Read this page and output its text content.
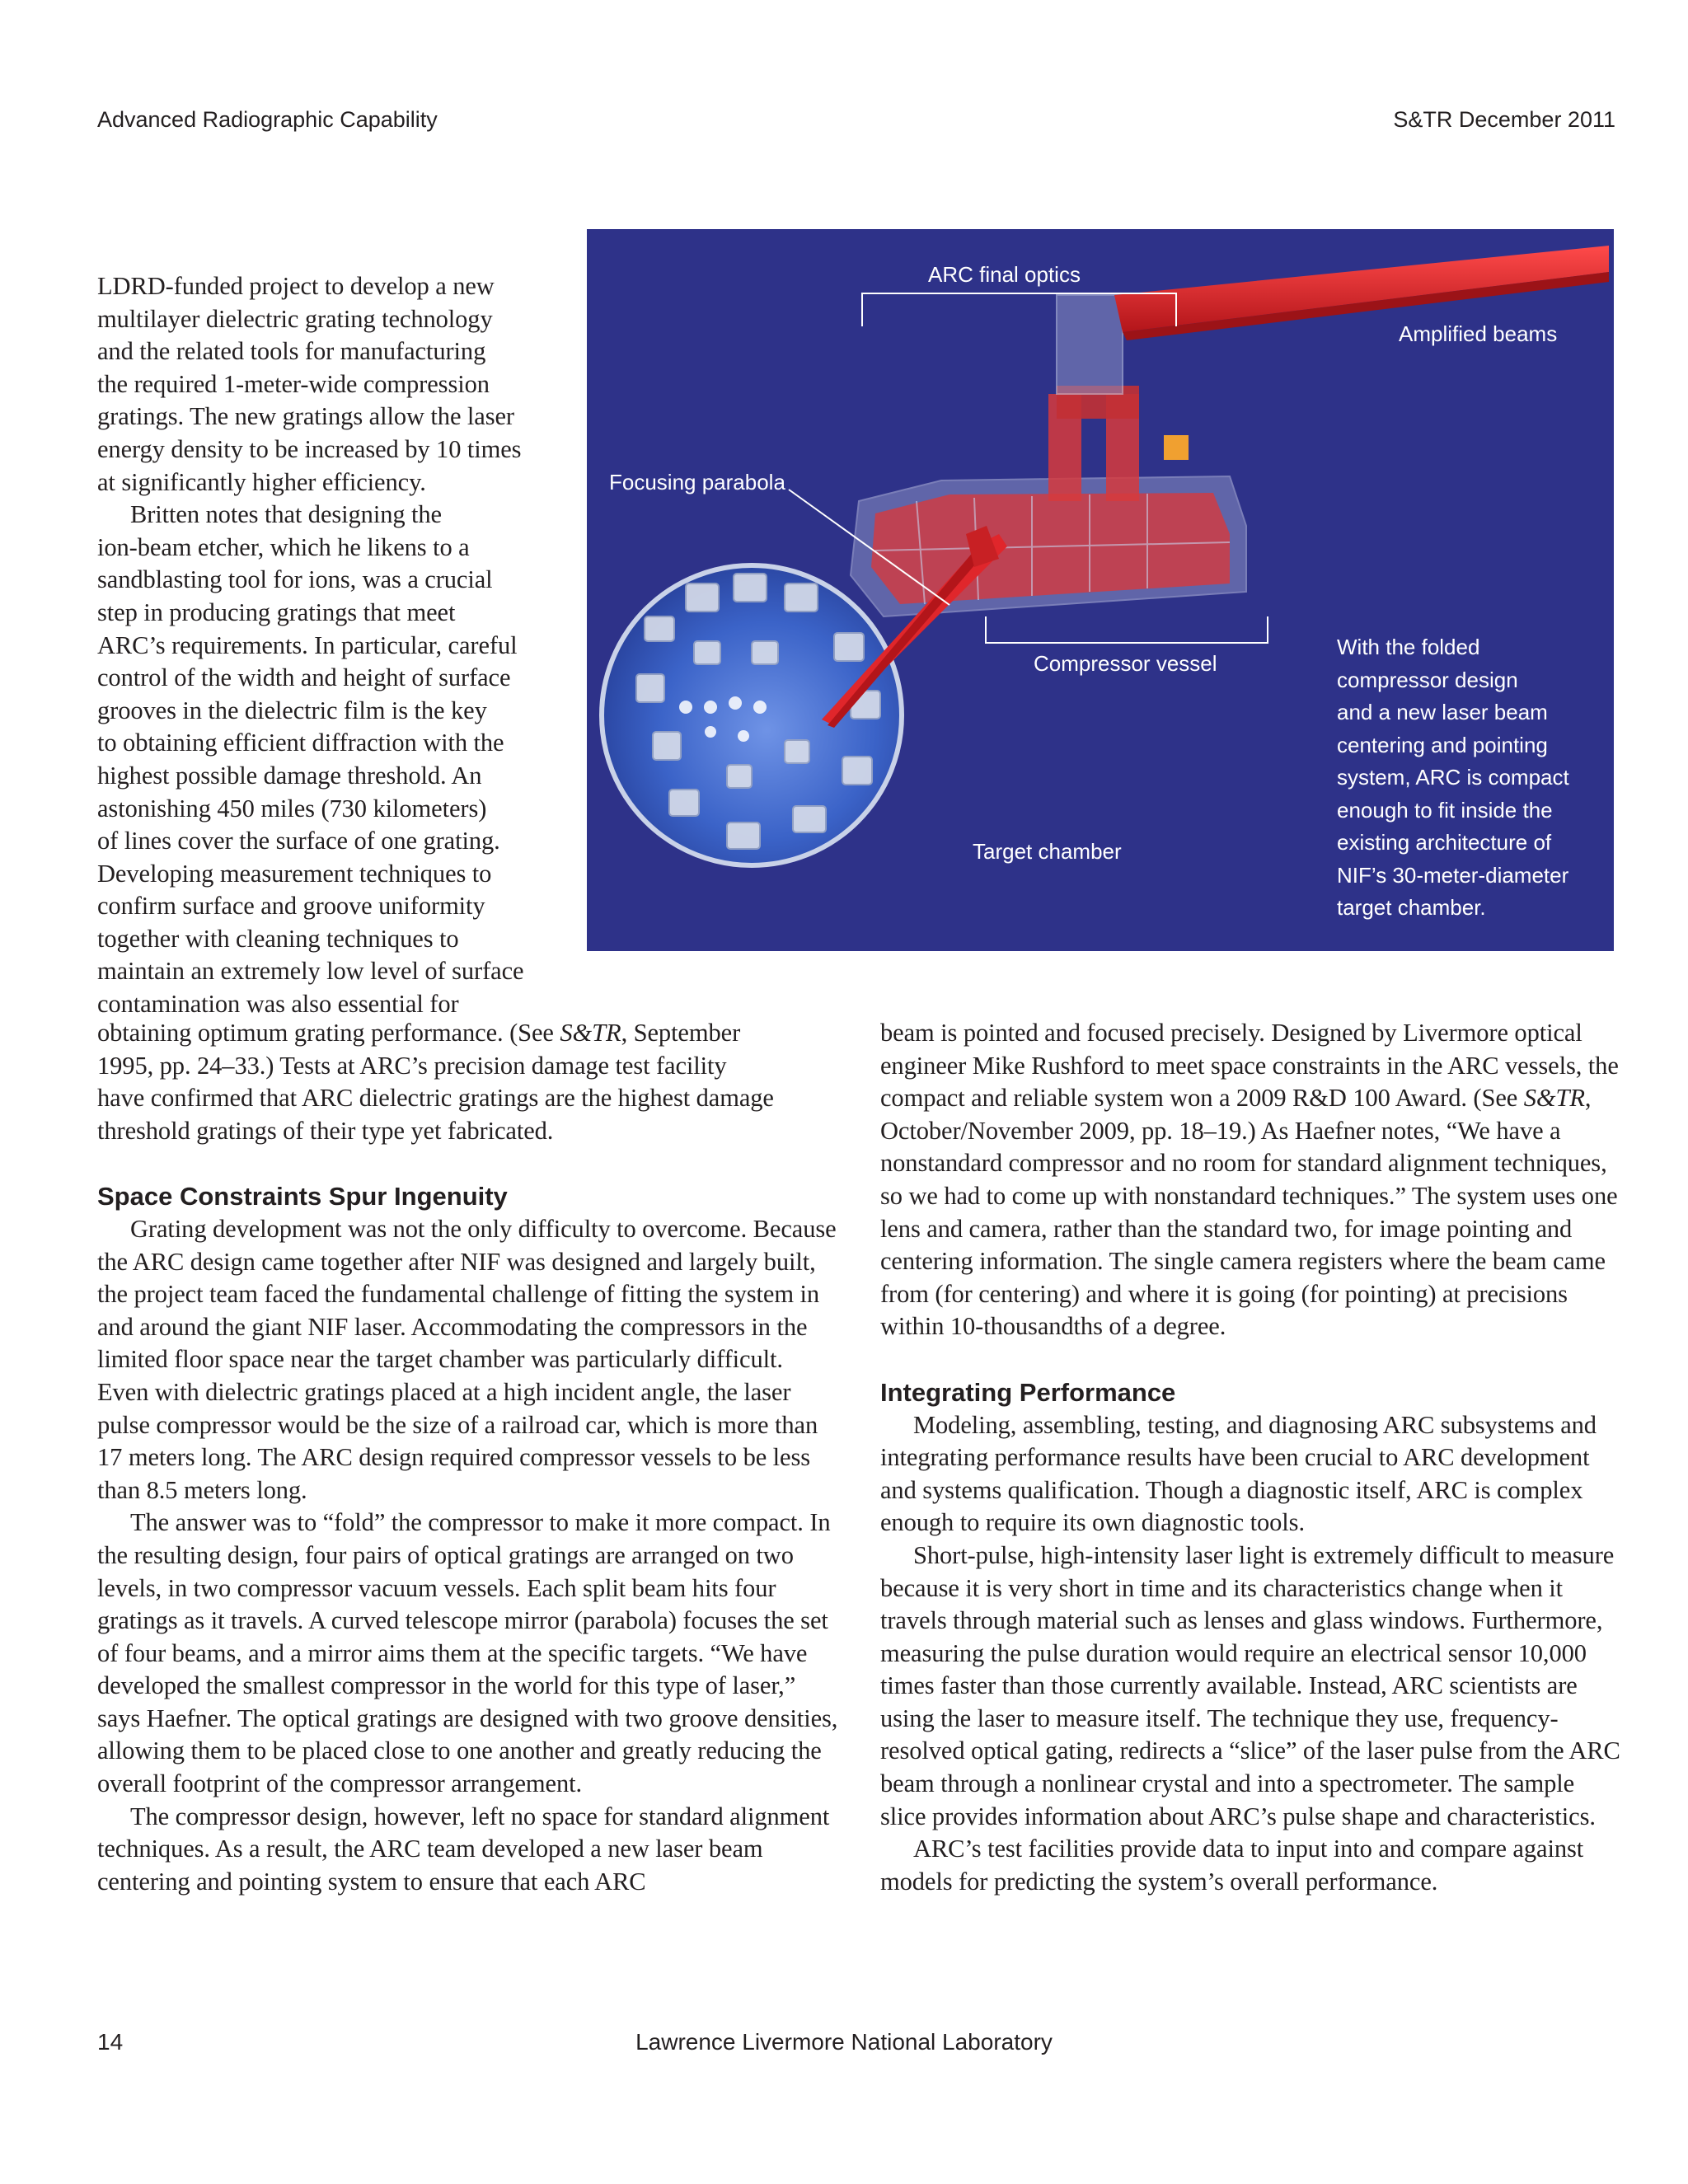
Advanced Radiographic Capability	S&TR December 2011

LDRD-funded project to develop a new
multilayer dielectric grating technology
and the related tools for manufacturing
the required 1-meter-wide compression
gratings. The new gratings allow the laser
energy density to be increased by 10 times
at significantly higher efficiency.

Britten notes that designing the
ion-beam etcher, which he likens to a
sandblasting tool for ions, was a crucial
step in producing gratings that meet
ARC’s requirements. In particular, careful
control of the width and height of surface
grooves in the dielectric film is the key
to obtaining efficient diffraction with the
highest possible damage threshold. An
astonishing 450 miles (730 kilometers)
of lines cover the surface of one grating.
Developing measurement techniques to
confirm surface and groove uniformity
together with cleaning techniques to
maintain an extremely low level of surface
contamination was also essential for

ARC final optics
Amplified beams
Focusing parabola
Compressor vessel
Target chamber
With the folded
compressor design
and a new laser beam
centering and pointing
system, ARC is compact
enough to fit inside the
existing architecture of
NIF’s 30-meter-diameter
target chamber.

obtaining optimum grating performance. (See S&TR, September
1995, pp. 24–33.) Tests at ARC’s precision damage test facility
have confirmed that ARC dielectric gratings are the highest damage
threshold gratings of their type yet fabricated.

Space Constraints Spur Ingenuity

Grating development was not the only difficulty to overcome. Because the ARC design came together after NIF was designed and largely built, the project team faced the fundamental challenge of fitting the system in and around the giant NIF laser. Accommodating the compressors in the limited floor space near the target chamber was particularly difficult. Even with dielectric gratings placed at a high incident angle, the laser pulse compressor would be the size of a railroad car, which is more than 17 meters long. The ARC design required compressor vessels to be less than 8.5 meters long.

The answer was to “fold” the compressor to make it more compact. In the resulting design, four pairs of optical gratings are arranged on two levels, in two compressor vacuum vessels. Each split beam hits four gratings as it travels. A curved telescope mirror (parabola) focuses the set of four beams, and a mirror aims them at the specific targets. “We have developed the smallest compressor in the world for this type of laser,” says Haefner. The optical gratings are designed with two groove densities, allowing them to be placed close to one another and greatly reducing the overall footprint of the compressor arrangement.

The compressor design, however, left no space for standard alignment techniques. As a result, the ARC team developed a new laser beam centering and pointing system to ensure that each ARC

beam is pointed and focused precisely. Designed by Livermore optical engineer Mike Rushford to meet space constraints in the ARC vessels, the compact and reliable system won a 2009 R&D 100 Award. (See S&TR, October/November 2009, pp. 18–19.) As Haefner notes, “We have a nonstandard compressor and no room for standard alignment techniques, so we had to come up with nonstandard techniques.” The system uses one lens and camera, rather than the standard two, for image pointing and centering information. The single camera registers where the beam came from (for centering) and where it is going (for pointing) at precisions within 10-thousandths of a degree.

Integrating Performance

Modeling, assembling, testing, and diagnosing ARC subsystems and integrating performance results have been crucial to ARC development and systems qualification. Though a diagnostic itself, ARC is complex enough to require its own diagnostic tools.

Short-pulse, high-intensity laser light is extremely difficult to measure because it is very short in time and its characteristics change when it travels through material such as lenses and glass windows. Furthermore, measuring the pulse duration would require an electrical sensor 10,000 times faster than those currently available. Instead, ARC scientists are using the laser to measure itself. The technique they use, frequency-resolved optical gating, redirects a “slice” of the laser pulse from the ARC beam through a nonlinear crystal and into a spectrometer. The sample slice provides information about ARC’s pulse shape and characteristics.

ARC’s test facilities provide data to input into and compare against models for predicting the system’s overall performance.

14	Lawrence Livermore National Laboratory
